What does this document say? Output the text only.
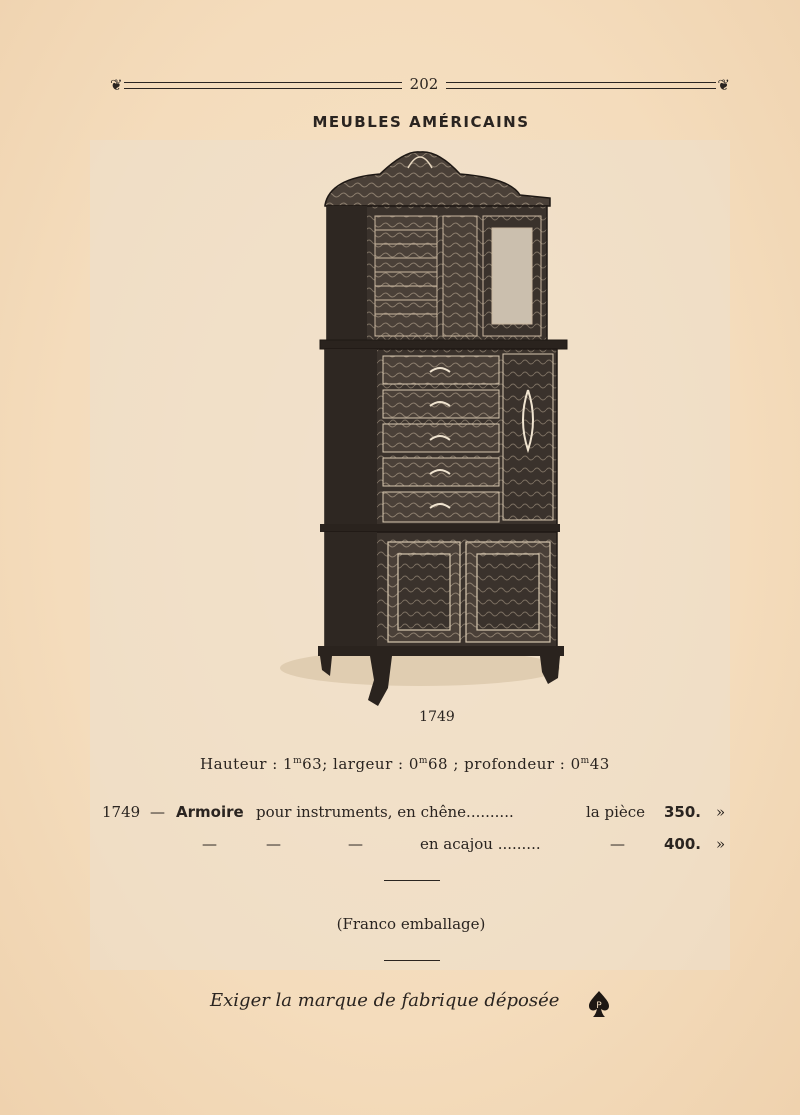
❦	202	❦
MEUBLES AMÉRICAINS
1749
Hauteur : 1$^m$63; largeur : 0$^m$68 ; profondeur : 0$^m$43
1749 — Armoire pour instruments, en chêne..........	la pièce 350. »
—	—	—	en acajou .........	—	400. »
(Franco emballage)
Exiger la marque de fabrique déposée	P
